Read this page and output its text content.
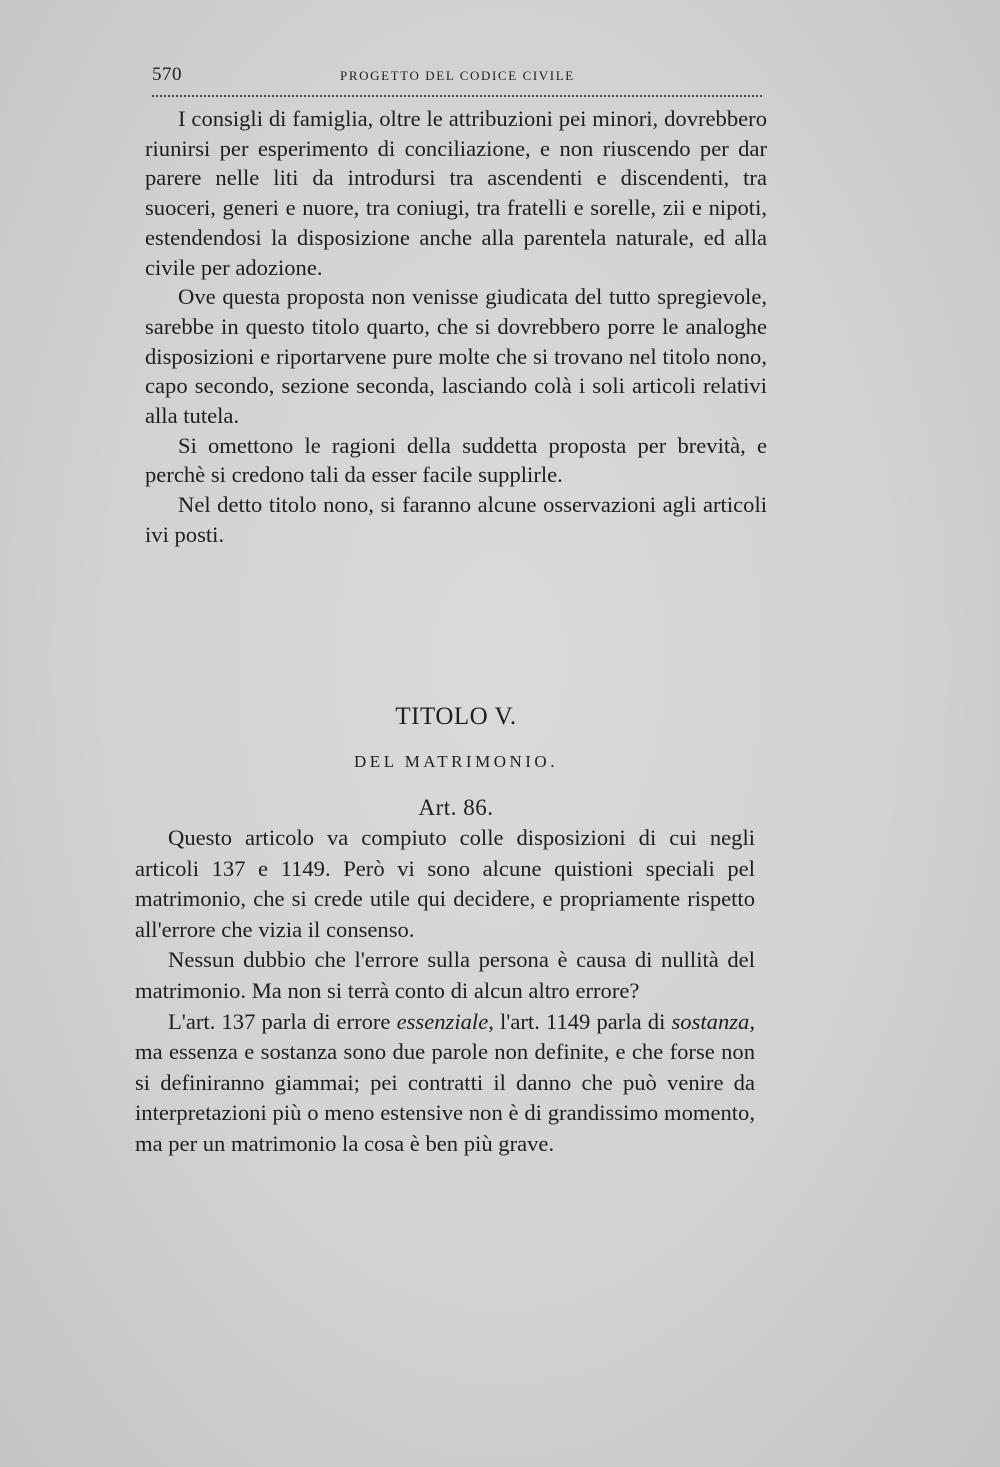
570	PROGETTO DEL CODICE CIVILE

I consigli di famiglia, oltre le attribuzioni pei minori, dovrebbero riunirsi per esperimento di conciliazione, e non riuscendo per dar parere nelle liti da introdursi tra ascendenti e discendenti, tra suoceri, generi e nuore, tra coniugi, tra fratelli e sorelle, zii e nipoti, estendendosi la disposizione anche alla parentela naturale, ed alla civile per adozione.

Ove questa proposta non venisse giudicata del tutto spregievole, sarebbe in questo titolo quarto, che si dovrebbero porre le analoghe disposizioni e riportarvene pure molte che si trovano nel titolo nono, capo secondo, sezione seconda, lasciando colà i soli articoli relativi alla tutela.

Si omettono le ragioni della suddetta proposta per brevità, e perchè si credono tali da esser facile supplirle.

Nel detto titolo nono, si faranno alcune osservazioni agli articoli ivi posti.

TITOLO V.
DEL MATRIMONIO.
Art. 86.

Questo articolo va compiuto colle disposizioni di cui negli articoli 137 e 1149. Però vi sono alcune quistioni speciali pel matrimonio, che si crede utile qui decidere, e propriamente rispetto all'errore che vizia il consenso.

Nessun dubbio che l'errore sulla persona è causa di nullità del matrimonio. Ma non si terrà conto di alcun altro errore?

L'art. 137 parla di errore essenziale, l'art. 1149 parla di sostanza, ma essenza e sostanza sono due parole non definite, e che forse non si definiranno giammai; pei contratti il danno che può venire da interpretazioni più o meno estensive non è di grandissimo momento, ma per un matrimonio la cosa è ben più grave.
